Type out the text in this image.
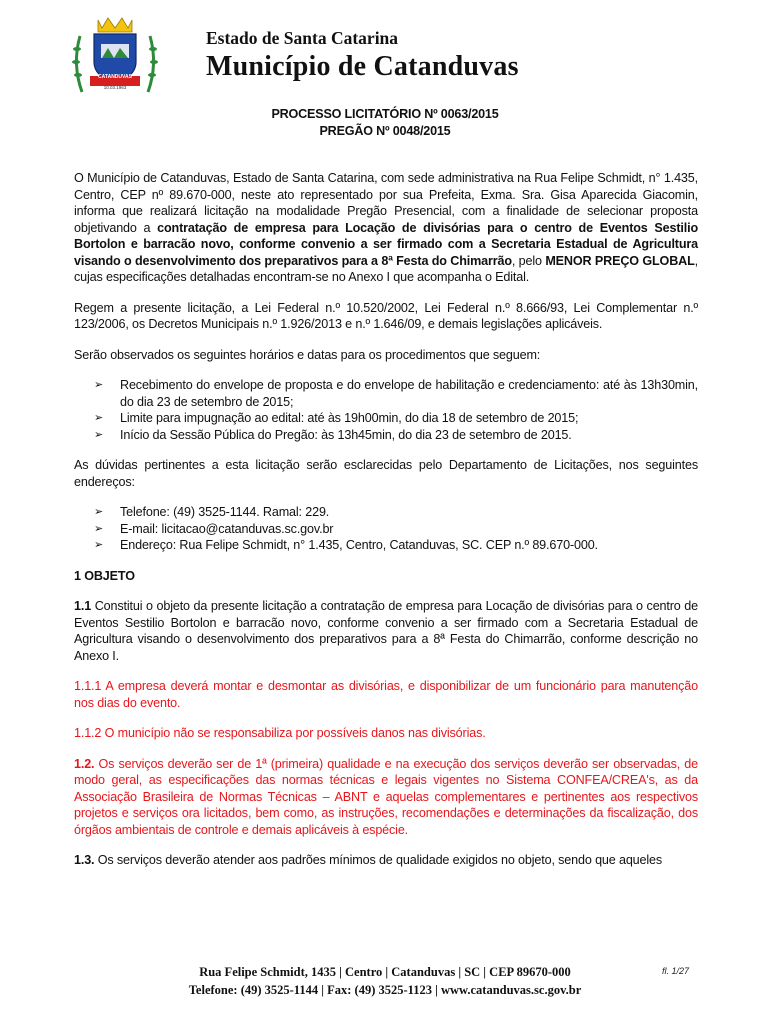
CATANDUVAS
10.03.1963
Estado de Santa Catarina
Município de Catanduvas
PROCESSO LICITATÓRIO Nº 0063/2015
PREGÃO Nº 0048/2015

O Município de Catanduvas, Estado de Santa Catarina, com sede administrativa na Rua Felipe Schmidt, n° 1.435, Centro, CEP nº 89.670-000, neste ato representado por sua Prefeita, Exma. Sra. Gisa Aparecida Giacomin, informa que realizará licitação na modalidade Pregão Presencial, com a finalidade de selecionar proposta objetivando a contratação de empresa para Locação de divisórias para o centro de Eventos Sestilio Bortolon e barracão novo, conforme convenio a ser firmado com a Secretaria Estadual de Agricultura visando o desenvolvimento dos preparativos para a 8ª Festa do Chimarrão, pelo MENOR PREÇO GLOBAL, cujas especificações detalhadas encontram-se no Anexo I que acompanha o Edital.

Regem a presente licitação, a Lei Federal n.º 10.520/2002, Lei Federal n.º 8.666/93, Lei Complementar n.º 123/2006, os Decretos Municipais n.º 1.926/2013 e n.º 1.646/09, e demais legislações aplicáveis.

Serão observados os seguintes horários e datas para os procedimentos que seguem:

➢ Recebimento do envelope de proposta e do envelope de habilitação e credenciamento: até às 13h30min, do dia 23 de setembro de 2015;
➢ Limite para impugnação ao edital: até às 19h00min, do dia 18 de setembro de 2015;
➢ Início da Sessão Pública do Pregão: às 13h45min, do dia 23 de setembro de 2015.

As dúvidas pertinentes a esta licitação serão esclarecidas pelo Departamento de Licitações, nos seguintes endereços:

➢ Telefone: (49) 3525-1144. Ramal: 229.
➢ E-mail: licitacao@catanduvas.sc.gov.br
➢ Endereço: Rua Felipe Schmidt, n° 1.435, Centro, Catanduvas, SC. CEP n.º 89.670-000.
1 OBJETO

1.1 Constitui o objeto da presente licitação a contratação de empresa para Locação de divisórias para o centro de Eventos Sestilio Bortolon e barracão novo, conforme convenio a ser firmado com a Secretaria Estadual de Agricultura visando o desenvolvimento dos preparativos para a 8ª Festa do Chimarrão, conforme descrição no Anexo I.

1.1.1 A empresa deverá montar e desmontar as divisórias, e disponibilizar de um funcionário para manutenção nos dias do evento.

1.1.2 O município não se responsabiliza por possíveis danos nas divisórias.

1.2. Os serviços deverão ser de 1ª (primeira) qualidade e na execução dos serviços deverão ser observadas, de modo geral, as especificações das normas técnicas e legais vigentes no Sistema CONFEA/CREA's, as da Associação Brasileira de Normas Técnicas – ABNT e aquelas complementares e pertinentes aos respectivos projetos e serviços ora licitados, bem como, as instruções, recomendações e determinações da fiscalização, dos órgãos ambientais de controle e demais aplicáveis à espécie.

1.3. Os serviços deverão atender aos padrões mínimos de qualidade exigidos no objeto, sendo que aqueles

Rua Felipe Schmidt, 1435 | Centro | Catanduvas | SC | CEP 89670-000
Telefone: (49) 3525-1144 | Fax: (49) 3525-1123 | www.catanduvas.sc.gov.br
fl. 1/27
